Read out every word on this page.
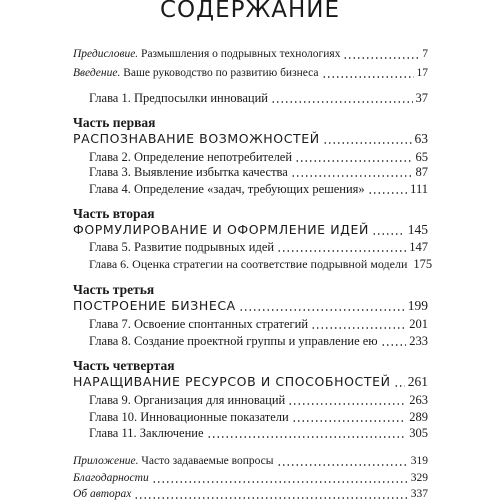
СОДЕРЖАНИЕ
Предисловие. Размышления о подрывных технологиях	7
Введение. Ваше руководство по развитию бизнеса	17
Глава 1. Предпосылки инноваций	37
Часть первая
РАСПОЗНАВАНИЕ ВОЗМОЖНОСТЕЙ	63
Глава 2. Определение непотребителей	65
Глава 3. Выявление избытка качества	87
Глава 4. Определение «задач, требующих решения»	111
Часть вторая
ФОРМУЛИРОВАНИЕ И ОФОРМЛЕНИЕ ИДЕЙ	145
Глава 5. Развитие подрывных идей	147
Глава 6. Оценка стратегии на соответствие подрывной модели 175
Часть третья
ПОСТРОЕНИЕ БИЗНЕСА	199
Глава 7. Освоение спонтанных стратегий	201
Глава 8. Создание проектной группы и управление ею	233
Часть четвертая
НАРАЩИВАНИЕ РЕСУРСОВ И СПОСОБНОСТЕЙ 261
Глава 9. Организация для инноваций	263
Глава 10. Инновационные показатели	289
Глава 11. Заключение	305
Приложение. Часто задаваемые вопросы	319
Благодарности	329
Об авторах	337
